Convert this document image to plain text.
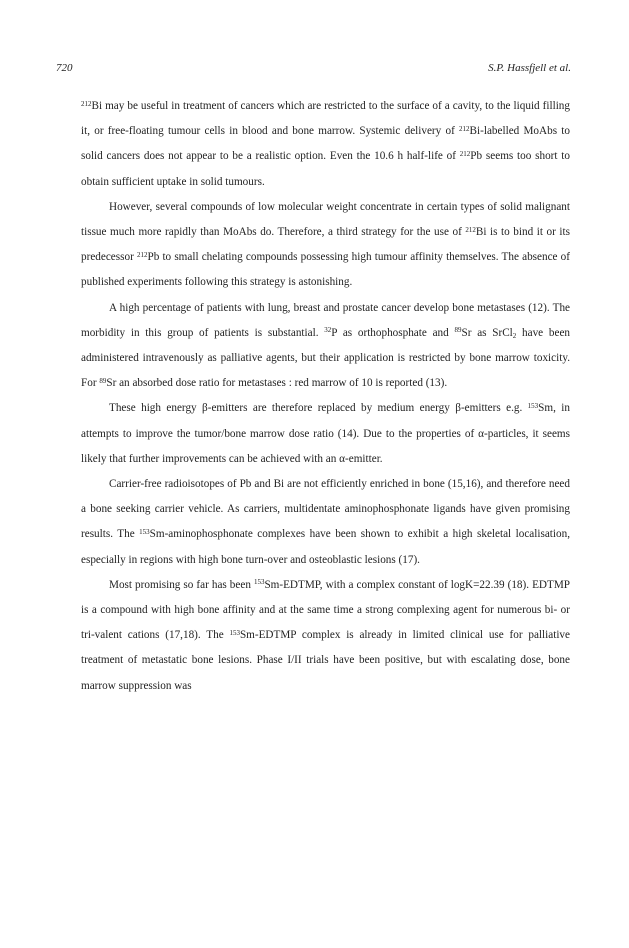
720	S.P. Hassfjell et al.

$^{212}$Bi may be useful in treatment of cancers which are restricted to the surface of a cavity, to the liquid filling it, or free-floating tumour cells in blood and bone marrow. Systemic delivery of $^{212}$Bi-labelled MoAbs to solid cancers does not appear to be a realistic option. Even the 10.6 h half-life of $^{212}$Pb seems too short to obtain sufficient uptake in solid tumours.

However, several compounds of low molecular weight concentrate in certain types of solid malignant tissue much more rapidly than MoAbs do. Therefore, a third strategy for the use of $^{212}$Bi is to bind it or its predecessor $^{212}$Pb to small chelating compounds possessing high tumour affinity themselves. The absence of published experiments following this strategy is astonishing.

A high percentage of patients with lung, breast and prostate cancer develop bone metastases (12). The morbidity in this group of patients is substantial. $^{32}$P as orthophosphate and $^{89}$Sr as SrCl$_2$ have been administered intravenously as palliative agents, but their application is restricted by bone marrow toxicity. For $^{89}$Sr an absorbed dose ratio for metastases : red marrow of 10 is reported (13).

These high energy β-emitters are therefore replaced by medium energy β-emitters e.g. $^{153}$Sm, in attempts to improve the tumor/bone marrow dose ratio (14). Due to the properties of α-particles, it seems likely that further improvements can be achieved with an α-emitter.

Carrier-free radioisotopes of Pb and Bi are not efficiently enriched in bone (15,16), and therefore need a bone seeking carrier vehicle. As carriers, multidentate aminophosphonate ligands have given promising results. The $^{153}$Sm-aminophosphonate complexes have been shown to exhibit a high skeletal localisation, especially in regions with high bone turn-over and osteoblastic lesions (17).

Most promising so far has been $^{153}$Sm-EDTMP, with a complex constant of logK=22.39 (18). EDTMP is a compound with high bone affinity and at the same time a strong complexing agent for numerous bi- or tri-valent cations (17,18). The $^{153}$Sm-EDTMP complex is already in limited clinical use for palliative treatment of metastatic bone lesions. Phase I/II trials have been positive, but with escalating dose, bone marrow suppression was
